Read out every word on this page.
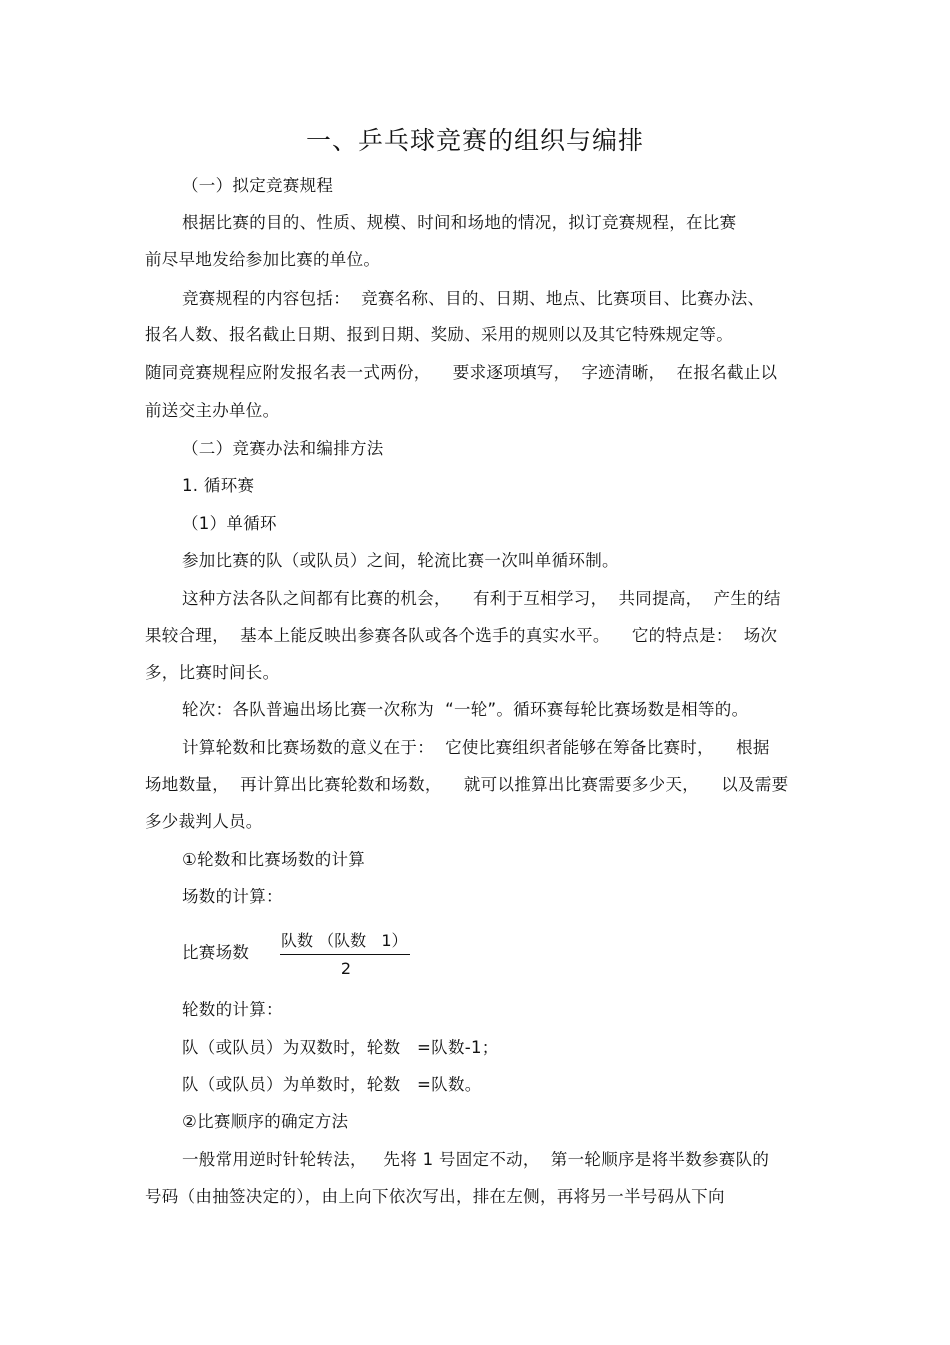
一、乒乓球竞赛的组织与编排
（一）拟定竞赛规程
根据比赛的目的、性质、规模、时间和场地的情况，拟订竞赛规程，在比赛
前尽早地发给参加比赛的单位。
竞赛规程的内容包括：  竞赛名称、目的、日期、地点、比赛项目、比赛办法、
报名人数、报名截止日期、报到日期、奖励、采用的规则以及其它特殊规定等。
随同竞赛规程应附发报名表一式两份，    要求逐项填写，  字迹清晰，  在报名截止以
前送交主办单位。
（二）竞赛办法和编排方法
1. 循环赛
（1）单循环
参加比赛的队（或队员）之间，轮流比赛一次叫单循环制。
这种方法各队之间都有比赛的机会，    有利于互相学习，  共同提高，  产生的结
果较合理，  基本上能反映出参赛各队或各个选手的真实水平。    它的特点是：  场次
多，比赛时间长。
轮次：各队普遍出场比赛一次称为  “一轮”。循环赛每轮比赛场数是相等的。
计算轮数和比赛场数的意义在于：  它使比赛组织者能够在筹备比赛时，    根据
场地数量，  再计算出比赛轮数和场数，    就可以推算出比赛需要多少天，    以及需要
多少裁判人员。
①轮数和比赛场数的计算
场数的计算：
比赛场数
队数 （队数   1）
2
轮数的计算：
队（或队员）为双数时，轮数   =队数-1；
队（或队员）为单数时，轮数   =队数。
②比赛顺序的确定方法
一般常用逆时针轮转法，   先将 1 号固定不动，  第一轮顺序是将半数参赛队的
号码（由抽签决定的），由上向下依次写出，排在左侧，再将另一半号码从下向
